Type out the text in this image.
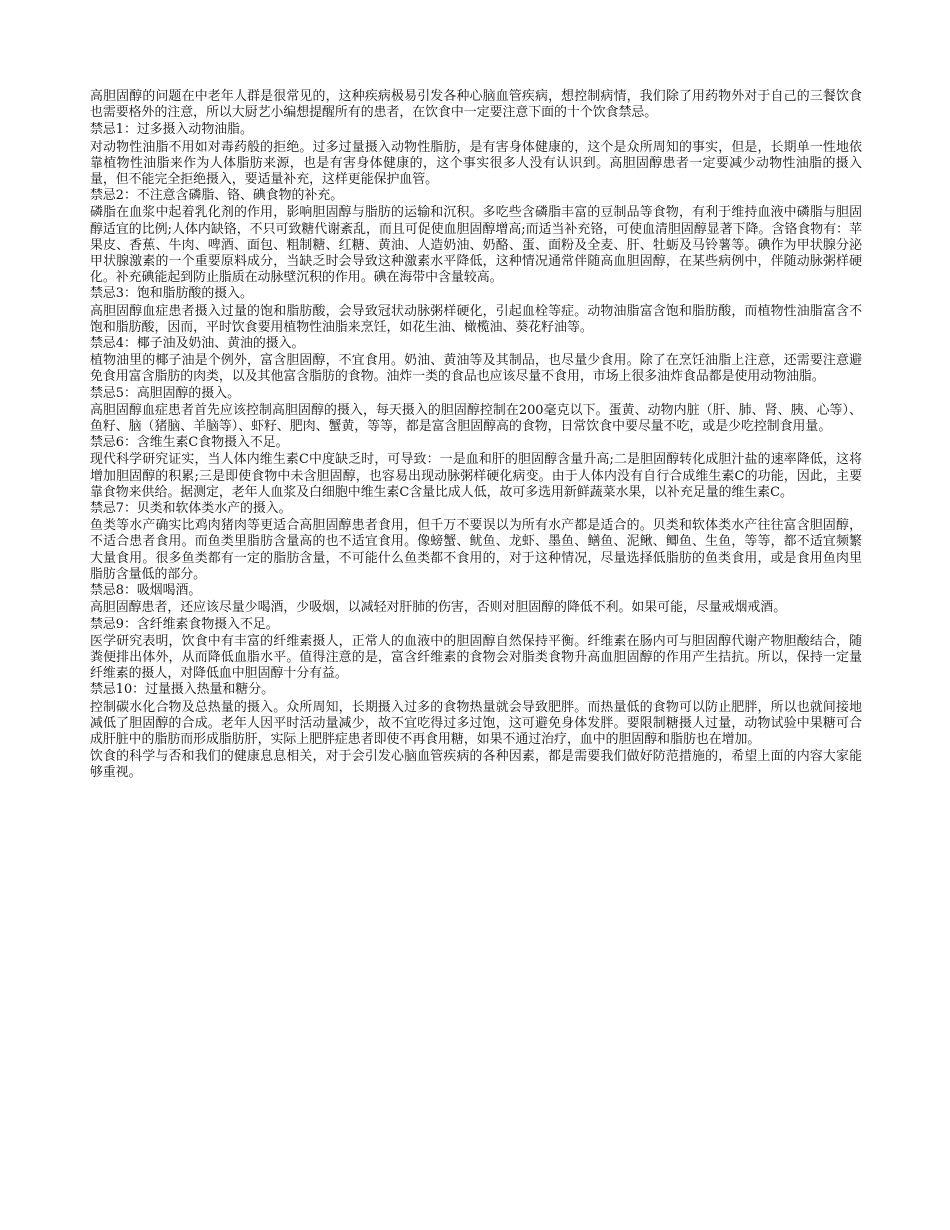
高胆固醇的问题在中老年人群是很常见的，这种疾病极易引发各种心脑血管疾病，想控制病情，我们除了用药物外对于自己的三餐饮食也需要格外的注意，所以大厨艺小编想提醒所有的患者，在饮食中一定要注意下面的十个饮食禁忌。

禁忌1：过多摄入动物油脂。

对动物性油脂不用如对毒药般的拒绝。过多过量摄入动物性脂肪，是有害身体健康的，这个是众所周知的事实，但是，长期单一性地依靠植物性油脂来作为人体脂肪来源，也是有害身体健康的，这个事实很多人没有认识到。高胆固醇患者一定要减少动物性油脂的摄入量，但不能完全拒绝摄入，要适量补充，这样更能保护血管。

禁忌2：不注意含磷脂、铬、碘食物的补充。

磷脂在血浆中起着乳化剂的作用，影响胆固醇与脂肪的运输和沉积。多吃些含磷脂丰富的豆制品等食物，有利于维持血液中磷脂与胆固醇适宜的比例;人体内缺铬，不只可致糖代谢紊乱，而且可促使血胆固醇增高;而适当补充铬，可使血清胆固醇显著下降。含铬食物有：苹果皮、香蕉、牛肉、啤酒、面包、粗制糖、红糖、黄油、人造奶油、奶酪、蛋、面粉及全麦、肝、牡蛎及马铃薯等。碘作为甲状腺分泌甲状腺激素的一个重要原料成分，当缺乏时会导致这种激素水平降低，这种情况通常伴随高血胆固醇，在某些病例中，伴随动脉粥样硬化。补充碘能起到防止脂质在动脉壁沉积的作用。碘在海带中含量较高。

禁忌3：饱和脂肪酸的摄入。

高胆固醇血症患者摄入过量的饱和脂肪酸，会导致冠状动脉粥样硬化，引起血栓等症。动物油脂富含饱和脂肪酸，而植物性油脂富含不饱和脂肪酸，因而，平时饮食要用植物性油脂来烹饪，如花生油、橄榄油、葵花籽油等。

禁忌4：椰子油及奶油、黄油的摄入。

植物油里的椰子油是个例外，富含胆固醇，不宜食用。奶油、黄油等及其制品，也尽量少食用。除了在烹饪油脂上注意，还需要注意避免食用富含脂肪的肉类，以及其他富含脂肪的食物。油炸一类的食品也应该尽量不食用，市场上很多油炸食品都是使用动物油脂。

禁忌5：高胆固醇的摄入。

高胆固醇血症患者首先应该控制高胆固醇的摄入，每天摄入的胆固醇控制在200毫克以下。蛋黄、动物内脏（肝、肺、肾、胰、心等）、鱼籽、脑（猪脑、羊脑等）、虾籽、肥肉、蟹黄，等等，都是富含胆固醇高的食物，日常饮食中要尽量不吃，或是少吃控制食用量。

禁忌6：含维生素C食物摄入不足。

现代科学研究证实，当人体内维生素C中度缺乏时，可导致：一是血和肝的胆固醇含量升高;二是胆固醇转化成胆汁盐的速率降低，这将增加胆固醇的积累;三是即使食物中未含胆固醇，也容易出现动脉粥样硬化病变。由于人体内没有自行合成维生素C的功能，因此，主要靠食物来供给。据测定，老年人血浆及白细胞中维生素C含量比成人低，故可多选用新鲜蔬菜水果，以补充足量的维生素C。

禁忌7：贝类和软体类水产的摄入。

鱼类等水产确实比鸡肉猪肉等更适合高胆固醇患者食用，但千万不要误以为所有水产都是适合的。贝类和软体类水产往往富含胆固醇，不适合患者食用。而鱼类里脂肪含量高的也不适宜食用。像螃蟹、鱿鱼、龙虾、墨鱼、鳝鱼、泥鳅、鲫鱼、生鱼，等等，都不适宜频繁大量食用。很多鱼类都有一定的脂肪含量，不可能什么鱼类都不食用的，对于这种情况，尽量选择低脂肪的鱼类食用，或是食用鱼肉里脂肪含量低的部分。

禁忌8：吸烟喝酒。

高胆固醇患者，还应该尽量少喝酒，少吸烟，以减轻对肝肺的伤害，否则对胆固醇的降低不利。如果可能，尽量戒烟戒酒。

禁忌9：含纤维素食物摄入不足。

医学研究表明，饮食中有丰富的纤维素摄人，正常人的血液中的胆固醇自然保持平衡。纤维素在肠内可与胆固醇代谢产物胆酸结合，随粪便排出体外，从而降低血脂水平。值得注意的是，富含纤维素的食物会对脂类食物升高血胆固醇的作用产生拮抗。所以，保持一定量纤维素的摄人，对降低血中胆固醇十分有益。

禁忌10：过量摄入热量和糖分。

控制碳水化合物及总热量的摄入。众所周知，长期摄入过多的食物热量就会导致肥胖。而热量低的食物可以防止肥胖，所以也就间接地减低了胆固醇的合成。老年人因平时活动量减少，故不宜吃得过多过饱，这可避免身体发胖。要限制糖摄人过量，动物试验中果糖可合成肝脏中的脂肪而形成脂肪肝，实际上肥胖症患者即使不再食用糖，如果不通过治疗，血中的胆固醇和脂肪也在增加。

饮食的科学与否和我们的健康息息相关，对于会引发心脑血管疾病的各种因素，都是需要我们做好防范措施的，希望上面的内容大家能够重视。
